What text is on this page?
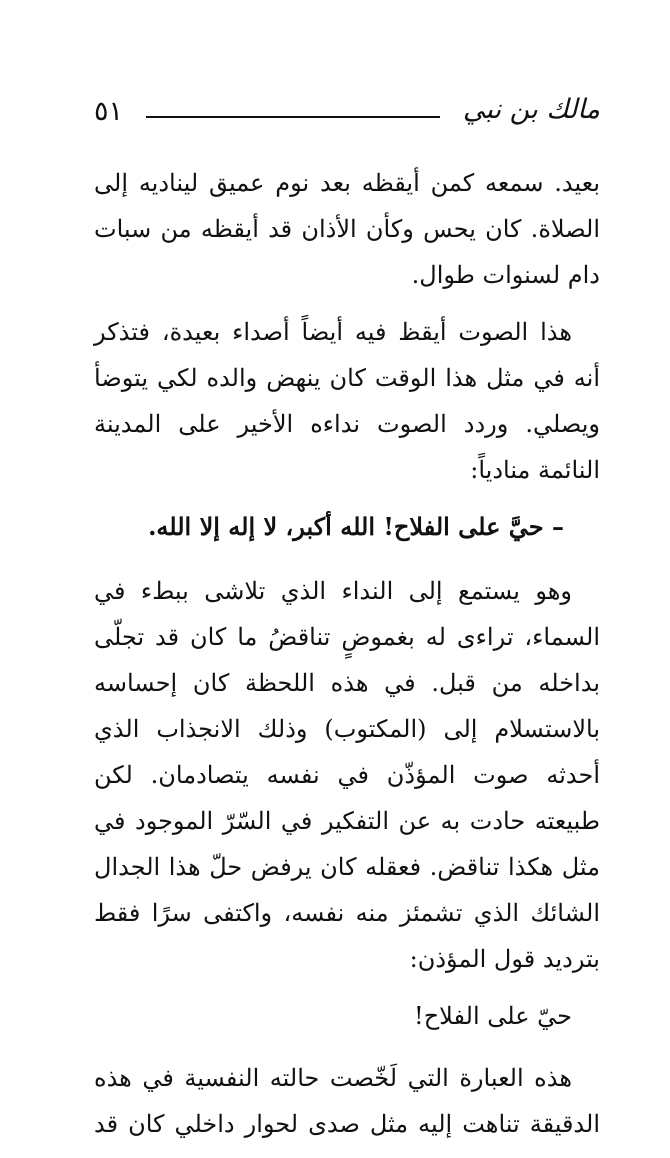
٥١	مالك بن نبي

بعيد. سمعه كمن أيقظه بعد نوم عميق ليناديه إلى الصلاة. كان يحس وكأن الأذان قد أيقظه من سبات دام لسنوات طوال.

هذا الصوت أيقظ فيه أيضاً أصداء بعيدة، فتذكر أنه في مثل هذا الوقت كان ينهض والده لكي يتوضأ ويصلي. وردد الصوت نداءه الأخير على المدينة النائمة منادياً:

– حيَّ على الفلاح! الله أكبر، لا إله إلا الله.

وهو يستمع إلى النداء الذي تلاشى ببطء في السماء، تراءى له بغموضٍ تناقضُ ما كان قد تجلّى بداخله من قبل. في هذه اللحظة كان إحساسه بالاستسلام إلى (المكتوب) وذلك الانجذاب الذي أحدثه صوت المؤذّن في نفسه يتصادمان. لكن طبيعته حادت به عن التفكير في السّرّ الموجود في مثل هكذا تناقض. فعقله كان يرفض حلّ هذا الجدال الشائك الذي تشمئز منه نفسه، واكتفى سرًا فقط بترديد قول المؤذن:

حيّ على الفلاح!

هذه العبارة التي لَخّصت حالته النفسية في هذه الدقيقة تناهت إليه مثل صدى لحوار داخلي كان قد
